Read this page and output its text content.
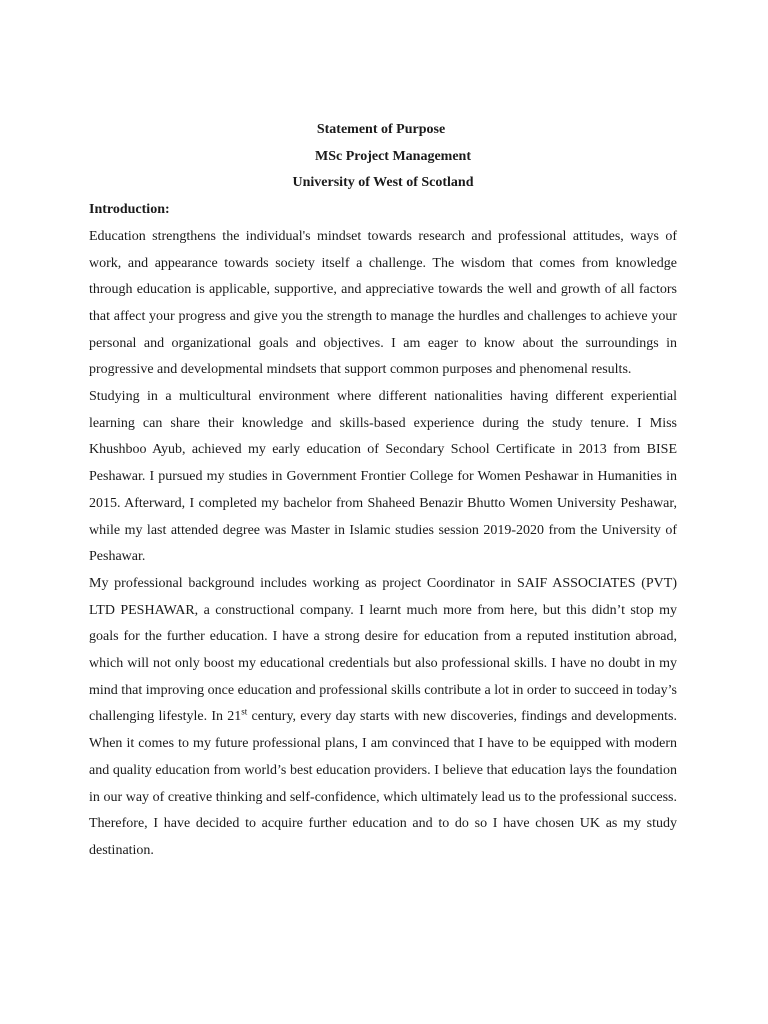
Statement of Purpose

MSc Project Management

University of West of Scotland

Introduction:

Education strengthens the individual's mindset towards research and professional attitudes, ways of work, and appearance towards society itself a challenge. The wisdom that comes from knowledge through education is applicable, supportive, and appreciative towards the well and growth of all factors that affect your progress and give you the strength to manage the hurdles and challenges to achieve your personal and organizational goals and objectives. I am eager to know about the surroundings in progressive and developmental mindsets that support common purposes and phenomenal results.

Studying in a multicultural environment where different nationalities having different experiential learning can share their knowledge and skills-based experience during the study tenure. I Miss Khushboo Ayub, achieved my early education of Secondary School Certificate in 2013 from BISE Peshawar. I pursued my studies in Government Frontier College for Women Peshawar in Humanities in 2015. Afterward, I completed my bachelor from Shaheed Benazir Bhutto Women University Peshawar, while my last attended degree was Master in Islamic studies session 2019-2020 from the University of Peshawar.

My professional background includes working as project Coordinator in SAIF ASSOCIATES (PVT) LTD PESHAWAR, a constructional company. I learnt much more from here, but this didn’t stop my goals for the further education. I have a strong desire for education from a reputed institution abroad, which will not only boost my educational credentials but also professional skills. I have no doubt in my mind that improving once education and professional skills contribute a lot in order to succeed in today’s challenging lifestyle. In 21st century, every day starts with new discoveries, findings and developments. When it comes to my future professional plans, I am convinced that I have to be equipped with modern and quality education from world’s best education providers. I believe that education lays the foundation in our way of creative thinking and self-confidence, which ultimately lead us to the professional success. Therefore, I have decided to acquire further education and to do so I have chosen UK as my study destination.
